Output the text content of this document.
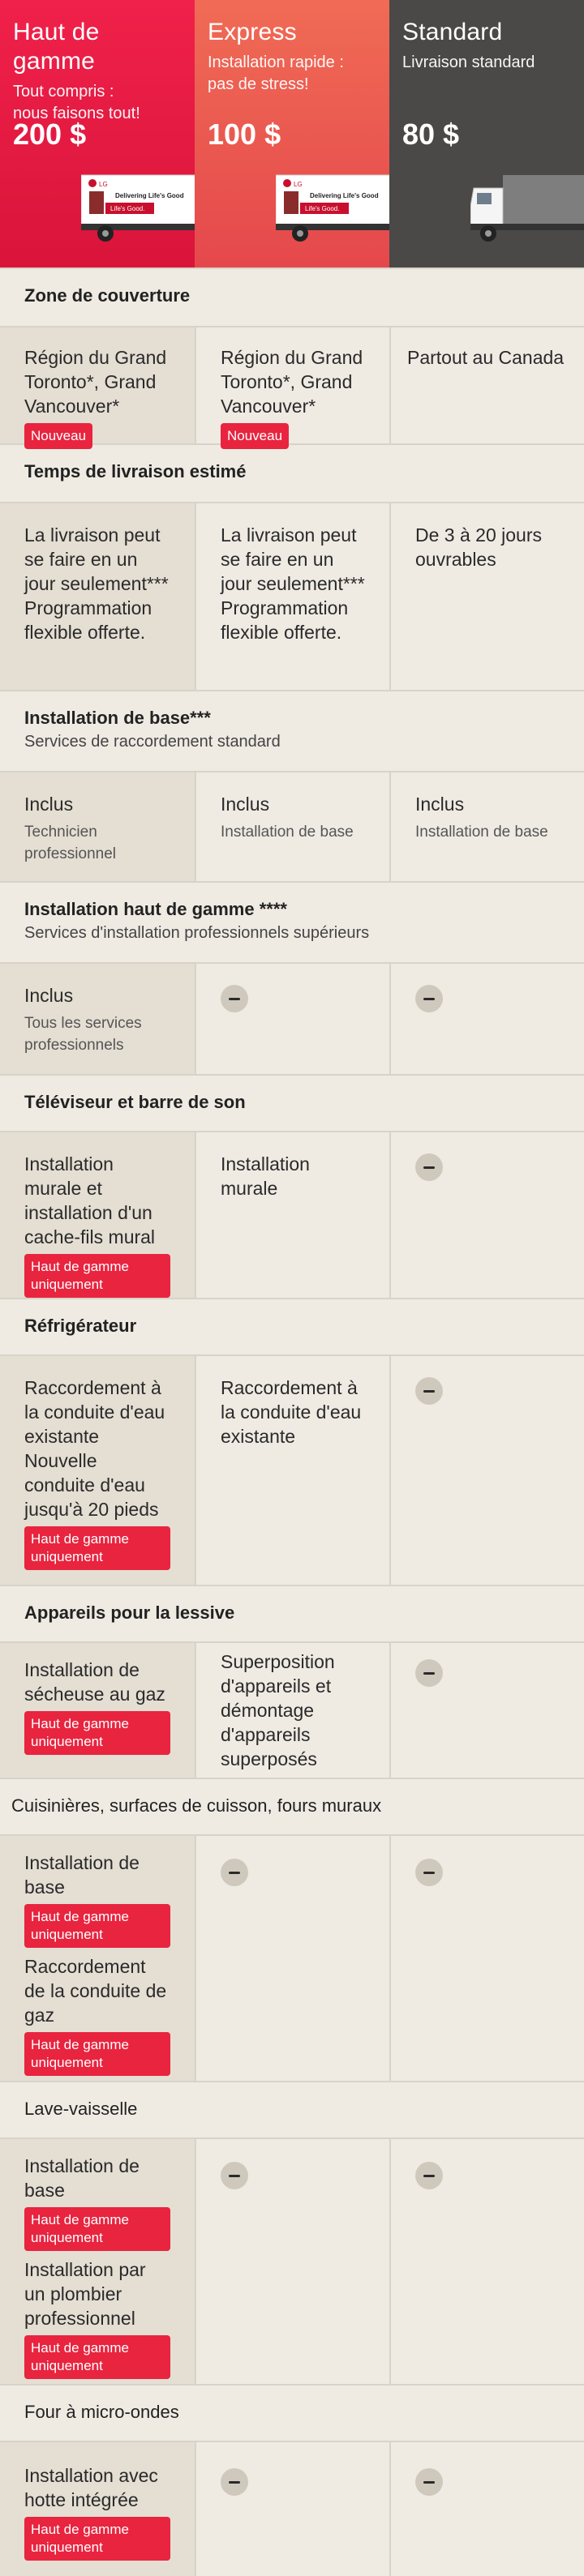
Haut de gamme
Tout compris :
nous faisons tout!
200 $
LG
Delivering Life's Good
Life's Good.
Express
Installation rapide :
pas de stress!
100 $
LG
Delivering Life's Good
Life's Good.
Standard
Livraison standard
80 $
Zone de couverture
Région du Grand Toronto*, Grand Vancouver*
Nouveau
Région du Grand Toronto*, Grand Vancouver*
Nouveau
Partout au Canada
Temps de livraison estimé
La livraison peut se faire en un jour seulement*** Programmation flexible offerte.
La livraison peut se faire en un jour seulement*** Programmation flexible offerte.
De 3 à 20 jours ouvrables
Installation de base***
Services de raccordement standard
Inclus
Technicien professionnel
Inclus
Installation de base
Inclus
Installation de base
Installation haut de gamme ****
Services d'installation professionnels supérieurs
Inclus
Tous les services professionnels
Téléviseur et barre de son
Installation murale et installation d'un cache-fils mural
Haut de gamme uniquement
Installation murale
Réfrigérateur
Raccordement à la conduite d'eau existante Nouvelle conduite d'eau jusqu'à 20 pieds
Haut de gamme uniquement
Raccordement à la conduite d'eau existante
Appareils pour la lessive
Installation de sécheuse au gaz
Haut de gamme uniquement
Superposition d'appareils et démontage d'appareils superposés
Cuisinières, surfaces de cuisson, fours muraux
Installation de base
Haut de gamme uniquement
Raccordement de la conduite de gaz
Haut de gamme uniquement
Lave-vaisselle
Installation de base
Haut de gamme uniquement
Installation par un plombier professionnel
Haut de gamme uniquement
Four à micro-ondes
Installation avec hotte intégrée
Haut de gamme uniquement
